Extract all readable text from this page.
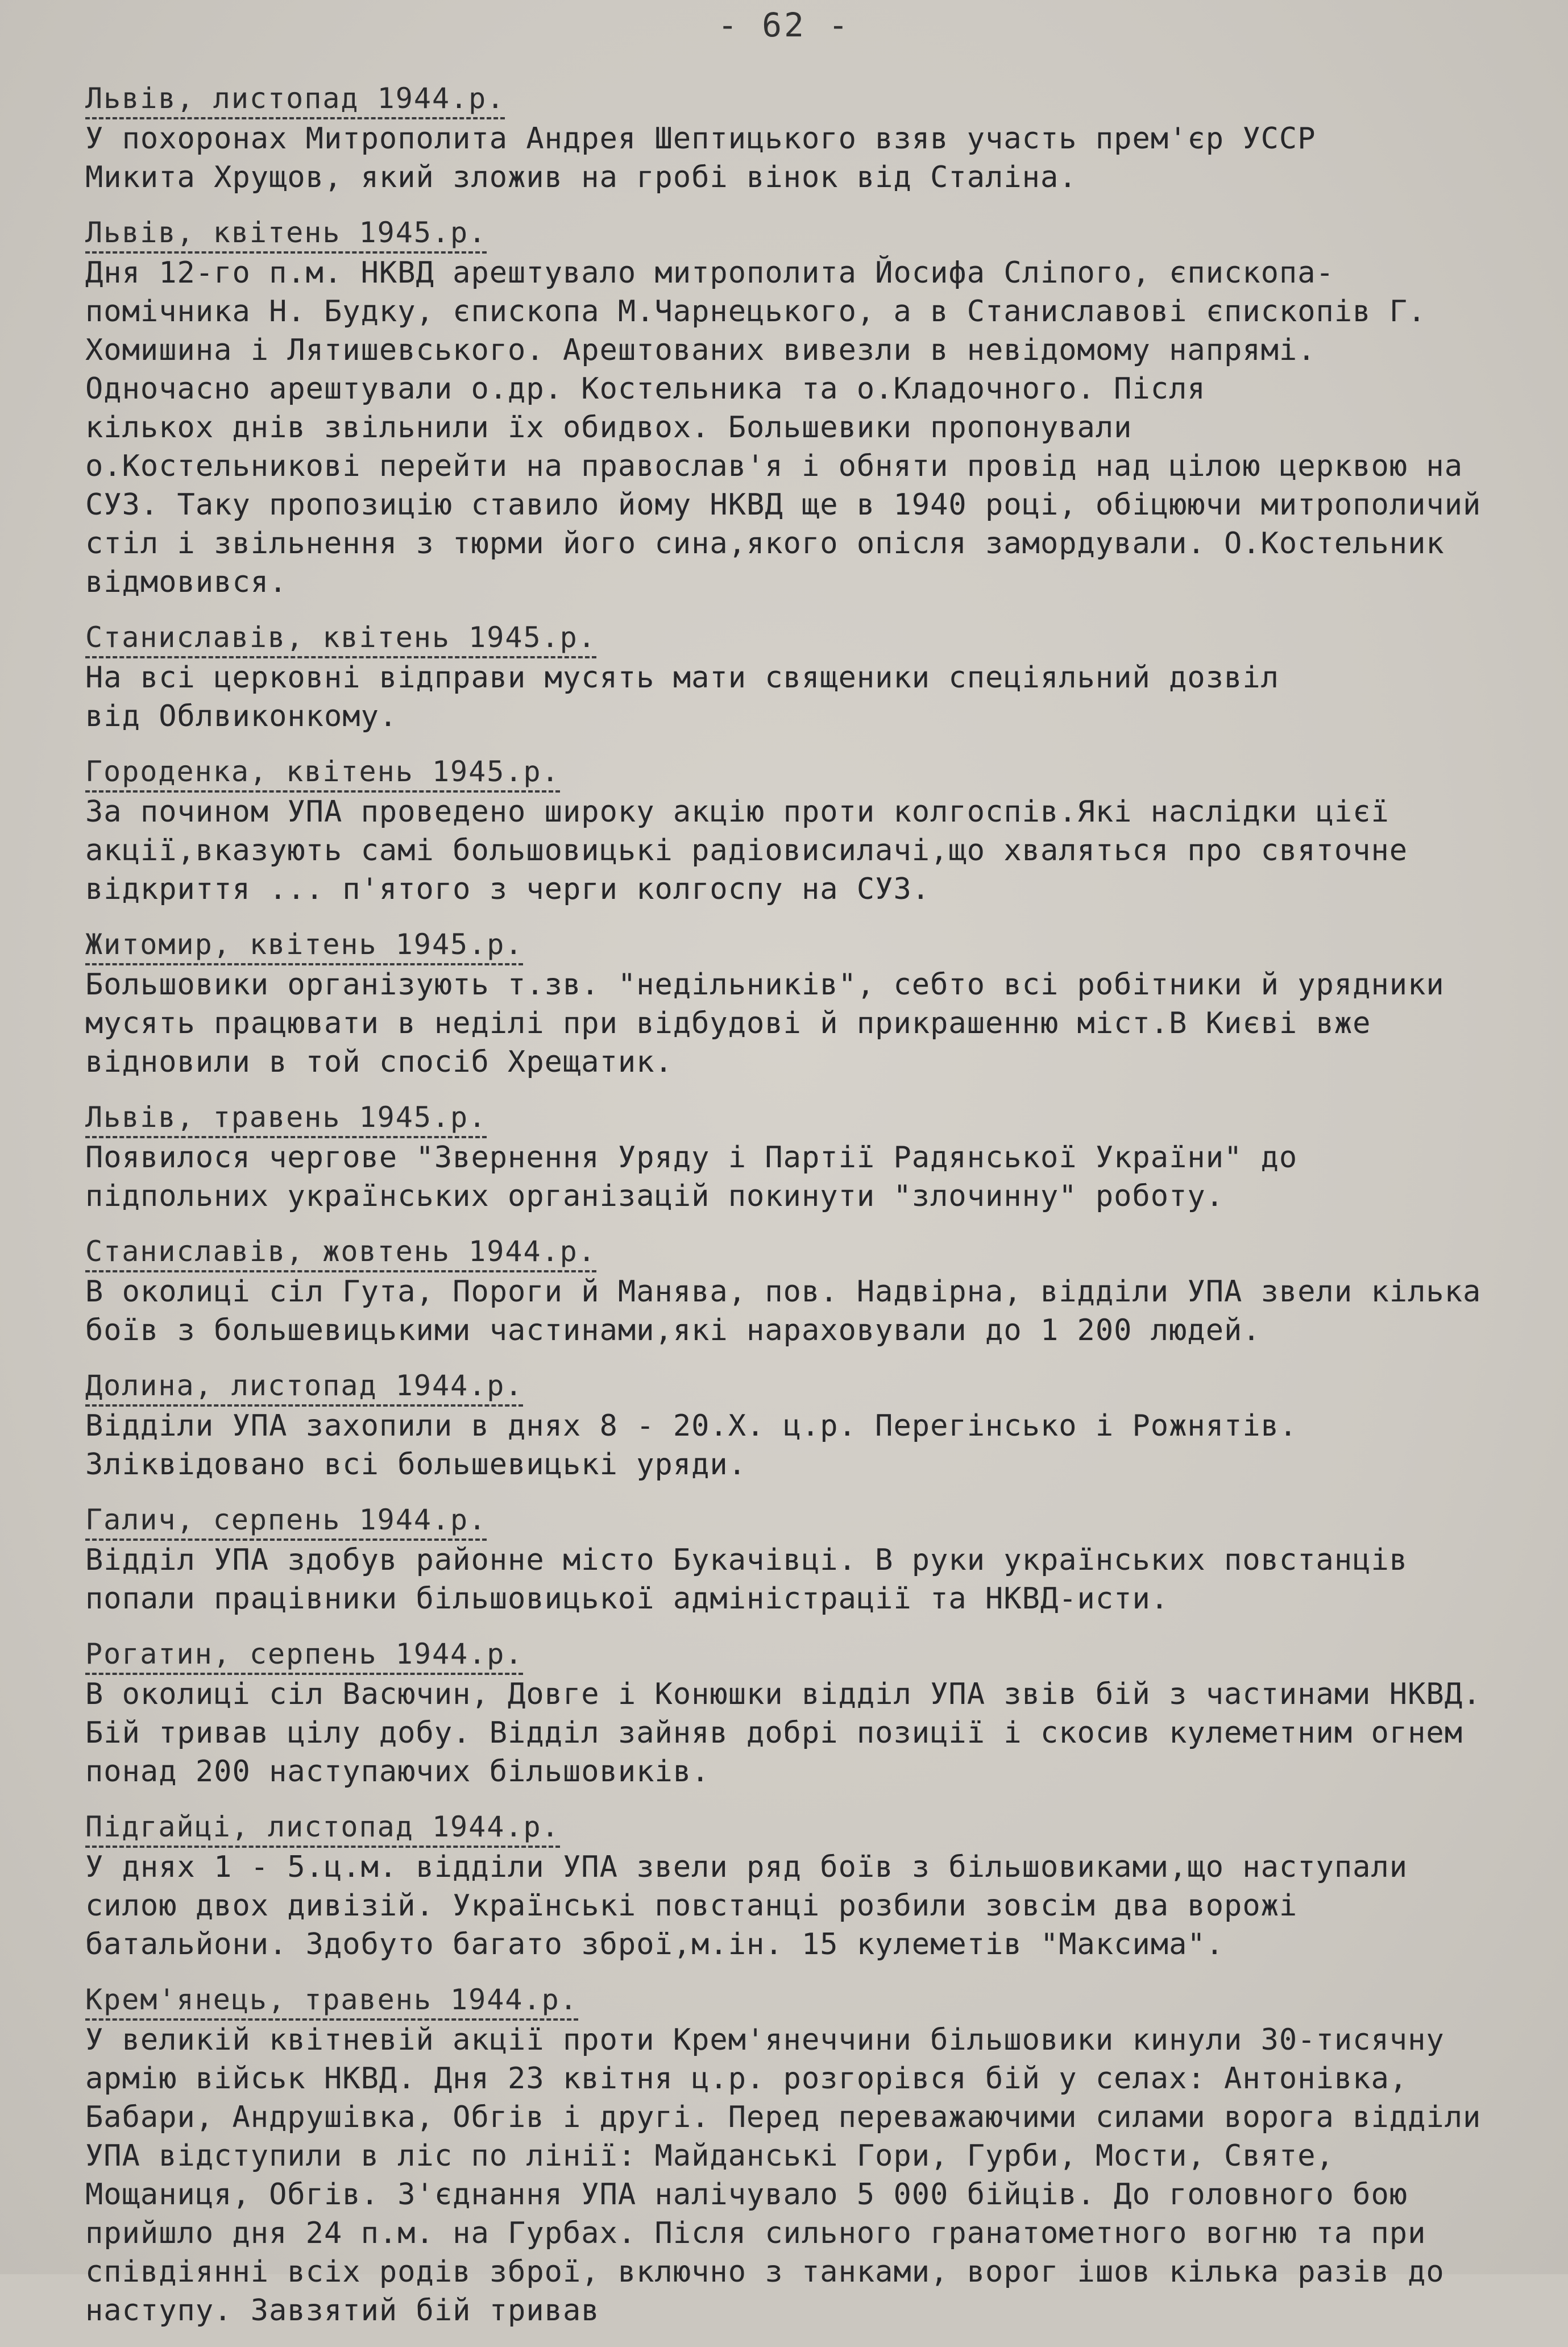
- 62 -
Львів, листопад 1944.р.
У похоронах Митрополита Андрея Шептицького взяв участь прем'єр УССР
Микита Хрущов, який зложив на гробі вінок від Сталіна.
Львів, квітень 1945.р.
Дня 12-го п.м. НКВД арештувало митрополита Йосифа Сліпого, єпископа-
помічника Н. Будку, єпископа М.Чарнецького, а в Станиславові єпископів Г. Хомишина і Лятишевського. Арештованих вивезли в невідомому напрямі. Одночасно арештували о.др. Костельника та о.Кладочного. Після
кількох днів звільнили їх обидвох. Большевики пропонували
о.Костельникові перейти на православ'я і обняти провід над цілою церквою на СУЗ. Таку пропозицію ставило йому НКВД ще в 1940 році, обіцюючи митрополичий стіл і звільнення з тюрми його сина,якого опісля замордували. О.Костельник відмовився.
Станиславів, квітень 1945.р.
На всі церковні відправи мусять мати священики спеціяльний дозвіл
від Облвиконкому.
Городенка, квітень 1945.р.
За почином УПА проведено широку акцію проти колгоспів.Які наслідки цієї акції,вказують самі большовицькі радіовисилачі,що хваляться про святочне відкриття ... п'ятого з черги колгоспу на СУЗ.
Житомир, квітень 1945.р.
Большовики організують т.зв. "недільників", себто всі робітники й урядники мусять працювати в неділі при відбудові й прикрашенню міст.В Києві вже відновили в той спосіб Хрещатик.
Львів, травень 1945.р.
Появилося чергове "Звернення Уряду і Партії Радянської України" до
підпольних українських організацій покинути "злочинну" роботу.
Станиславів, жовтень 1944.р.
В околиці сіл Гута, Пороги й Манява, пов. Надвірна, відділи УПА звели кілька боїв з большевицькими частинами,які нараховували до 1 200 людей.
Долина, листопад 1944.р.
Відділи УПА захопили в днях 8 - 20.X. ц.р. Перегінсько і Рожнятів.
Зліквідовано всі большевицькі уряди.
Галич, серпень 1944.р.
Відділ УПА здобув районне місто Букачівці. В руки українських повстанців попали працівники більшовицької адміністрації та НКВД-исти.
Рогатин, серпень 1944.р.
В околиці сіл Васючин, Довге і Конюшки відділ УПА звів бій з частинами НКВД. Бій тривав цілу добу. Відділ зайняв добрі позиції і скосив кулеметним огнем понад 200 наступаючих більшовиків.
Підгайці, листопад 1944.р.
У днях 1 - 5.ц.м. відділи УПА звели ряд боїв з більшовиками,що наступали силою двох дивізій. Українські повстанці розбили зовсім два ворожі батальйони. Здобуто багато зброї,м.ін. 15 кулеметів "Максима".
Крем'янець, травень 1944.р.
У великій квітневій акції проти Крем'янеччини більшовики кинули 30-тисячну армію військ НКВД. Дня 23 квітня ц.р. розгорівся бій у селах: Антонівка, Бабари, Андрушівка, Обгів і другі. Перед переважаючими силами ворога відділи УПА відступили в ліс по лінії: Майданські Гори, Гурби, Мости, Святе, Мощаниця, Обгів. З'єднання УПА налічувало 5 000 бійців. До головного бою прийшло дня 24 п.м. на Гурбах. Після сильного гранатометного вогню та при співдіянні всіх родів зброї, включно з танками, ворог ішов кілька разів до наступу. Завзятий бій тривав
